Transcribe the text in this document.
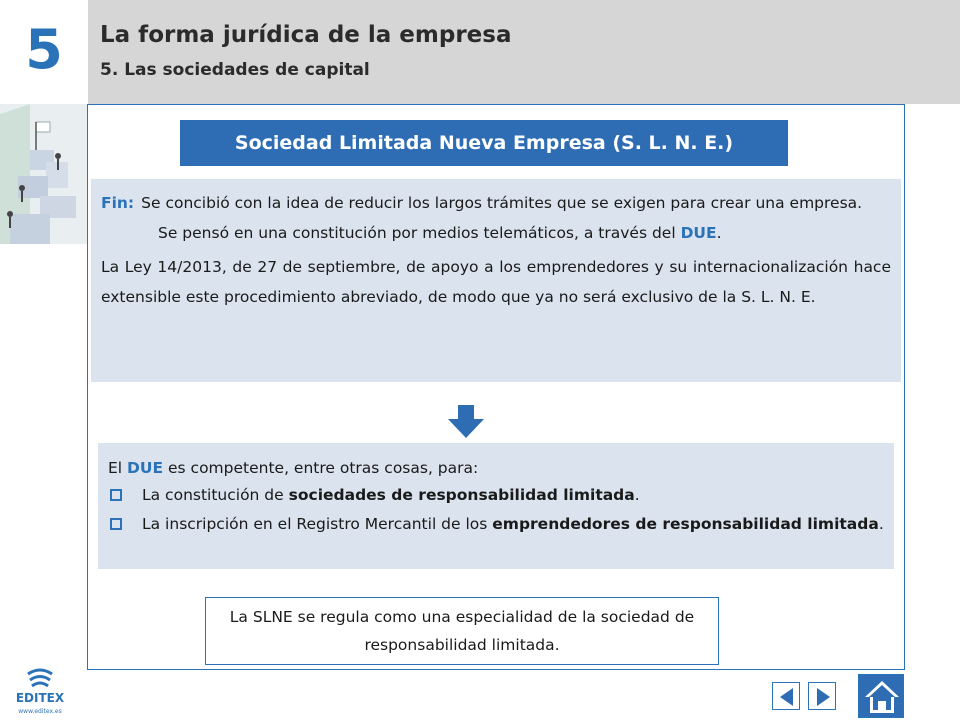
5	La forma jurídica de la empresa
5. Las sociedades de capital
Sociedad Limitada Nueva Empresa (S. L. N. E.)
Fin: Se concibió con la idea de reducir los largos trámites que se exigen para crear una empresa.
Se pensó en una constitución por medios telemáticos, a través del DUE.
La Ley 14/2013, de 27 de septiembre, de apoyo a los emprendedores y su internacionalización hace extensible este procedimiento abreviado, de modo que ya no será exclusivo de la S. L. N. E.
El DUE es competente, entre otras cosas, para:
La constitución de sociedades de responsabilidad limitada.
La inscripción en el Registro Mercantil de los emprendedores de responsabilidad limitada.
La SLNE se regula como una especialidad de la sociedad de responsabilidad limitada.
EDITEX
www.editex.es
